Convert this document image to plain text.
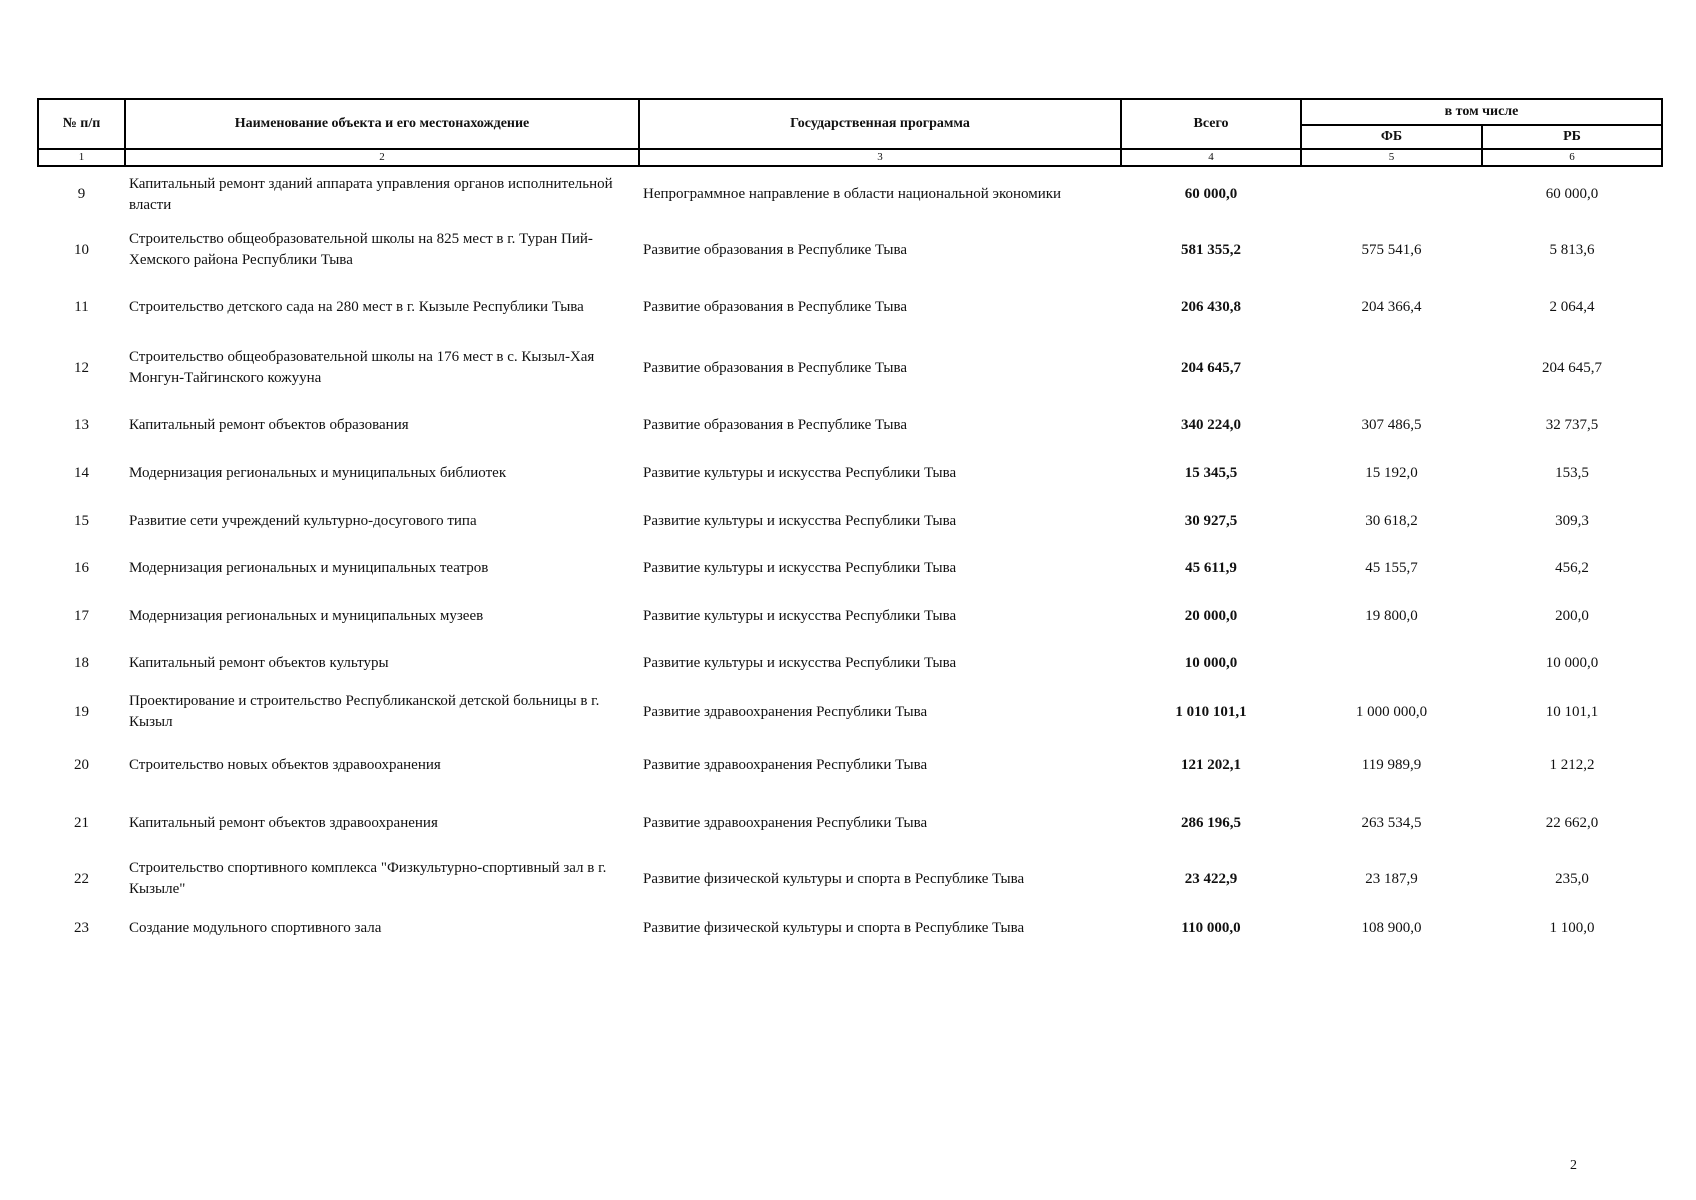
№ п/п	Наименование объекта и его местонахождение	Государственная программа	Всего	в том числе	
				ФБ	РБ
1	2	3	4	5	6
9	Капитальный ремонт зданий аппарата управления органов исполнительной власти	Непрограммное направление в области национальной экономики	60 000,0		60 000,0
10	Строительство общеобразовательной школы на 825 мест в г. Туран Пий-Хемского района Республики Тыва	Развитие образования в Республике Тыва	581 355,2	575 541,6	5 813,6
11	Строительство детского сада на 280 мест в г. Кызыле Республики Тыва	Развитие образования в Республике Тыва	206 430,8	204 366,4	2 064,4
12	Строительство общеобразовательной школы на 176 мест в с. Кызыл-Хая Монгун-Тайгинского кожууна	Развитие образования в Республике Тыва	204 645,7		204 645,7
13	Капитальный ремонт объектов образования	Развитие образования в Республике Тыва	340 224,0	307 486,5	32 737,5
14	Модернизация региональных и муниципальных библиотек	Развитие культуры и искусства Республики Тыва	15 345,5	15 192,0	153,5
15	Развитие сети учреждений культурно-досугового типа	Развитие культуры и искусства Республики Тыва	30 927,5	30 618,2	309,3
16	Модернизация региональных и муниципальных театров	Развитие культуры и искусства Республики Тыва	45 611,9	45 155,7	456,2
17	Модернизация региональных и муниципальных музеев	Развитие культуры и искусства Республики Тыва	20 000,0	19 800,0	200,0
18	Капитальный ремонт объектов культуры	Развитие культуры и искусства Республики Тыва	10 000,0		10 000,0
19	Проектирование и строительство Республиканской детской больницы в г. Кызыл	Развитие здравоохранения Республики Тыва	1 010 101,1	1 000 000,0	10 101,1
20	Строительство новых объектов здравоохранения	Развитие здравоохранения Республики Тыва	121 202,1	119 989,9	1 212,2
21	Капитальный ремонт объектов здравоохранения	Развитие здравоохранения Республики Тыва	286 196,5	263 534,5	22 662,0
22	Строительство спортивного комплекса "Физкультурно-спортивный зал в г. Кызыле"	Развитие физической культуры и спорта в Республике Тыва	23 422,9	23 187,9	235,0
23	Создание модульного спортивного зала	Развитие физической культуры и спорта в Республике Тыва	110 000,0	108 900,0	1 100,0
2
